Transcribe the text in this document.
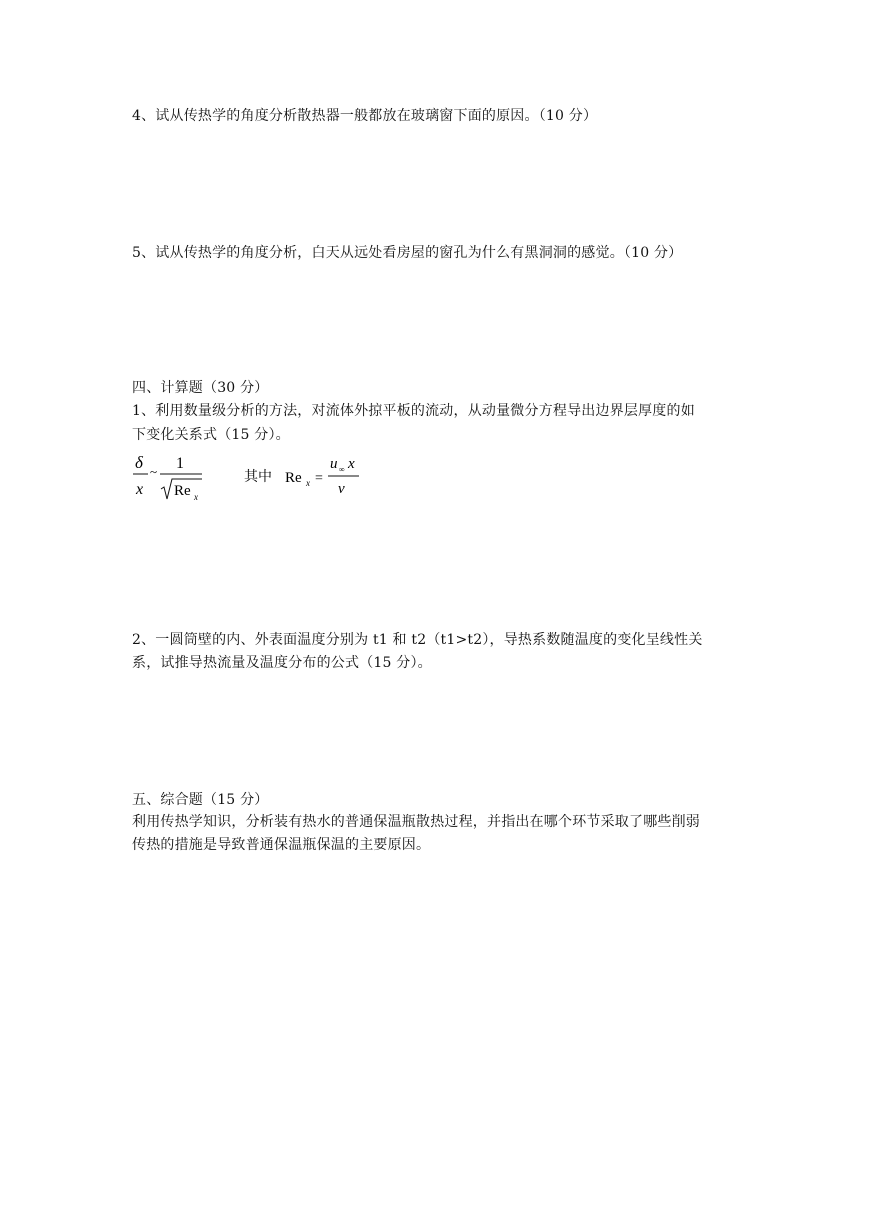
4、试从传热学的角度分析散热器一般都放在玻璃窗下面的原因。（10 分）
5、试从传热学的角度分析，白天从远处看房屋的窗孔为什么有黑洞洞的感觉。（10 分）
四、计算题（30 分）
1、利用数量级分析的方法，对流体外掠平板的流动，从动量微分方程导出边界层厚度的如
下变化关系式（15 分）。
δ
x
~ 1
Re x
其中 Re x =
u ∞ x
ν
2、一圆筒壁的内、外表面温度分别为 t1 和 t2（t1>t2），导热系数随温度的变化呈线性关
系，试推导热流量及温度分布的公式（15 分）。
五、综合题（15 分）
利用传热学知识，分析装有热水的普通保温瓶散热过程，并指出在哪个环节采取了哪些削弱
传热的措施是导致普通保温瓶保温的主要原因。
